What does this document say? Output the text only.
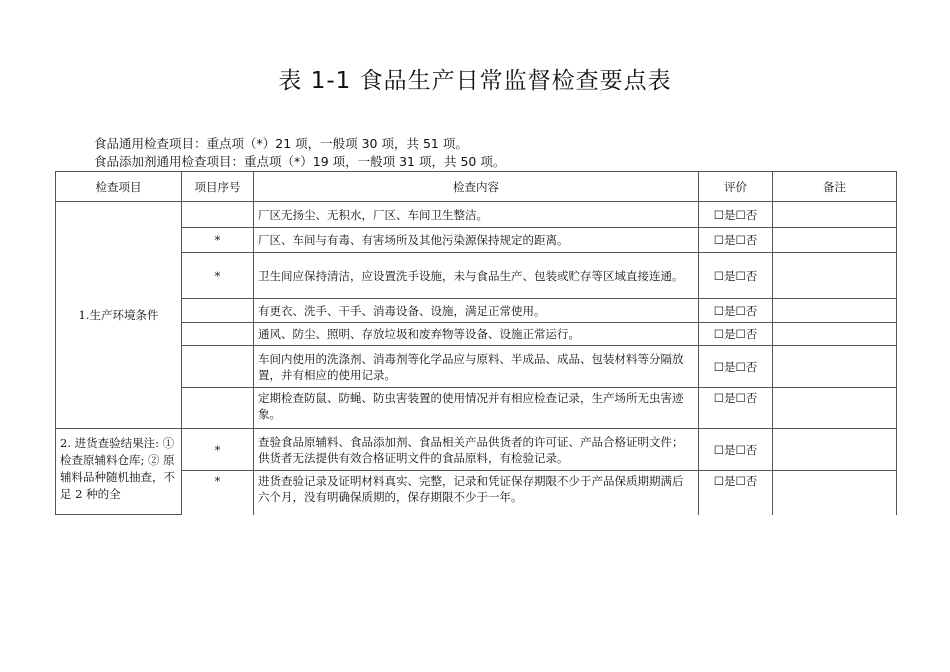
表 1-1 食品生产日常监督检查要点表
食品通用检查项目：重点项（*）21 项，一般项 30 项，共 51 项。
食品添加剂通用检查项目：重点项（*）19 项，一般项 31 项，共 50 项。
检查项目	项目序号	检查内容	评价	备注
1.生产环境条件		厂区无扬尘、无积水，厂区、车间卫生整洁。	☐是☐否	
	*	厂区、车间与有毒、有害场所及其他污染源保持规定的距离。	☐是☐否	
	*	卫生间应保持清洁，应设置洗手设施，未与食品生产、包装或贮存等区域直接连通。	☐是☐否	
		有更衣、洗手、干手、消毒设备、设施，满足正常使用。	☐是☐否	
		通风、防尘、照明、存放垃圾和废弃物等设备、设施正常运行。	☐是☐否	
		车间内使用的洗涤剂、消毒剂等化学品应与原料、半成品、成品、包装材料等分隔放置，并有相应的使用记录。	☐是☐否	
		定期检查防鼠、防蝇、防虫害装置的使用情况并有相应检查记录，生产场所无虫害迹象。	☐是☐否	
2. 进货查验结果注: ① 检查原辅料仓库; ② 原辅料品种随机抽查，不足 2 种的全	*	查验食品原辅料、食品添加剂、食品相关产品供货者的许可证、产品合格证明文件；供货者无法提供有效合格证明文件的食品原料，有检验记录。	☐是☐否	
	*	进货查验记录及证明材料真实、完整，记录和凭证保存期限不少于产品保质期期满后六个月，没有明确保质期的，保存期限不少于一年。	☐是☐否	
